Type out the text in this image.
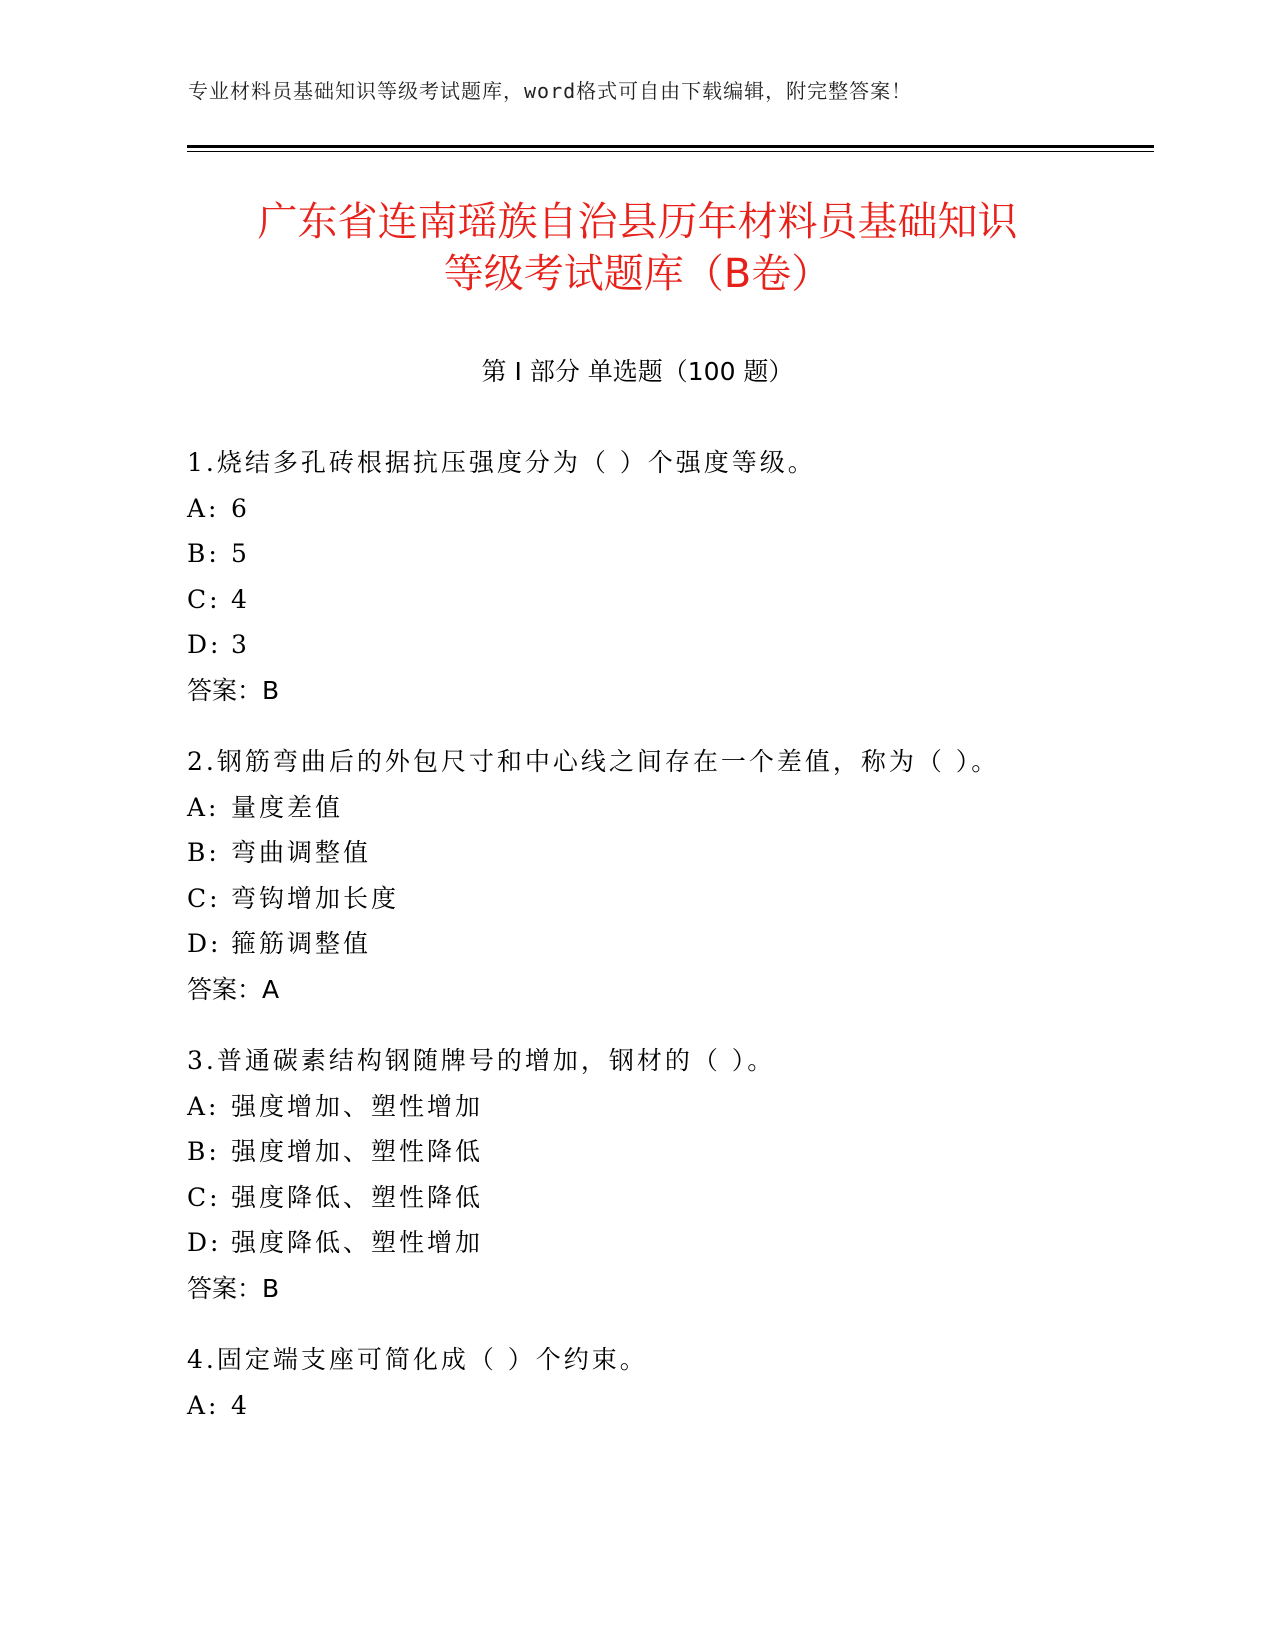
专业材料员基础知识等级考试题库，word格式可自由下载编辑，附完整答案！
广东省连南瑶族自治县历年材料员基础知识
等级考试题库（B卷）
第 I 部分 单选题（100 题）
1.烧结多孔砖根据抗压强度分为（ ）个强度等级。
A: 6
B: 5
C: 4
D: 3
答案：B
2.钢筋弯曲后的外包尺寸和中心线之间存在一个差值，称为（ ）。
A: 量度差值
B: 弯曲调整值
C: 弯钩增加长度
D: 箍筋调整值
答案：A
3.普通碳素结构钢随牌号的增加，钢材的（ ）。
A: 强度增加、塑性增加
B: 强度增加、塑性降低
C: 强度降低、塑性降低
D: 强度降低、塑性增加
答案：B
4.固定端支座可简化成（ ）个约束。
A: 4
